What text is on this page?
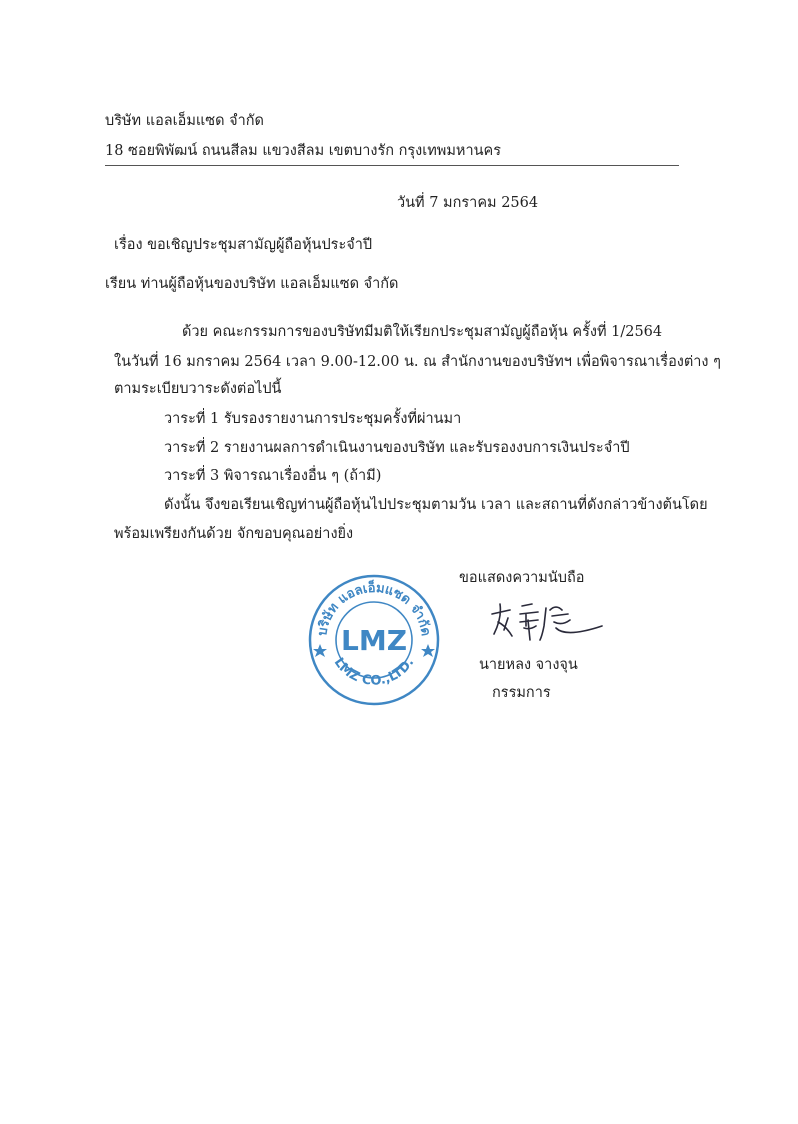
บริษัท แอลเอ็มแซด จำกัด
18 ซอยพิพัฒน์ ถนนสีลม แขวงสีลม เขตบางรัก กรุงเทพมหานคร
วันที่ 7 มกราคม 2564
เรื่อง ขอเชิญประชุมสามัญผู้ถือหุ้นประจำปี
เรียน ท่านผู้ถือหุ้นของบริษัท แอลเอ็มแซด จำกัด
ด้วย คณะกรรมการของบริษัทมีมติให้เรียกประชุมสามัญผู้ถือหุ้น ครั้งที่ 1/2564
ในวันที่ 16 มกราคม 2564 เวลา 9.00-12.00 น. ณ สำนักงานของบริษัทฯ เพื่อพิจารณาเรื่องต่าง ๆ
ตามระเบียบวาระดังต่อไปนี้
วาระที่ 1 รับรองรายงานการประชุมครั้งที่ผ่านมา
วาระที่ 2 รายงานผลการดำเนินงานของบริษัท และรับรองงบการเงินประจำปี
วาระที่ 3 พิจารณาเรื่องอื่น ๆ (ถ้ามี)
ดังนั้น จึงขอเรียนเชิญท่านผู้ถือหุ้นไปประชุมตามวัน เวลา และสถานที่ดังกล่าวข้างต้นโดย
พร้อมเพรียงกันด้วย จักขอบคุณอย่างยิ่ง
ขอแสดงความนับถือ
บริษัท แอลเอ็มแซด จำกัด
LMZ CO.,LTD.
LMZ
นายหลง จางจุน
กรรมการ
